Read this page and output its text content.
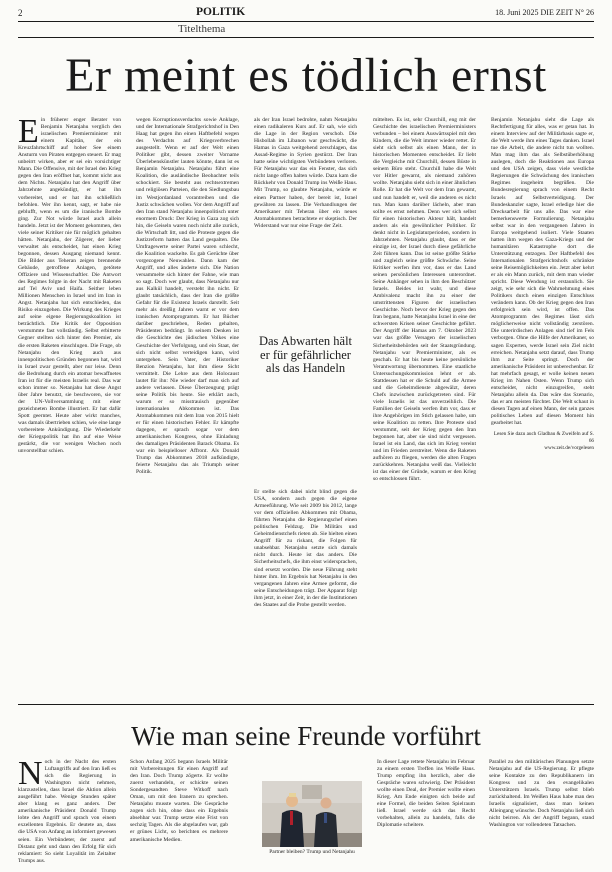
2	POLITIK	18. Juni 2025 DIE ZEIT N° 26
Titelthema
Er meint es tödlich ernst
Ein früherer enger Berater von Benjamin Netanjahu verglich den israelischen Premierminister mit einem Kapitän, der ein Kreuzfahrtschiff auf hoher See einem Ansturm von Piraten entgegen steuert. Er mag unbeirrt wirken, aber er sei ein vorsichtiger Mann. Die Offensive, mit der Israel den Krieg gegen den Iran eröffnet hat, kommt nicht aus dem Nichts. Netanjahu hat den Angriff über Jahrzehnte angekündigt, er hat ihn vorbereitet, und er hat ihn schließlich befohlen. Wer ihn kennt, sagt, er habe nie geblufft, wenn es um die iranische Bombe ging. Zur Not würde Israel auch allein handeln. Jetzt ist der Moment gekommen, den viele seiner Kritiker nie für möglich gehalten hätten. Netanjahu, der Zögerer, der lieber verwaltet als entscheidet, hat einen Krieg begonnen, dessen Ausgang niemand kennt. Die Bilder aus Teheran zeigen brennende Gebäude, getroffene Anlagen, getötete Offiziere und Wissenschaftler. Die Antwort des Regimes folgte in der Nacht mit Raketen auf Tel Aviv und Haifa. Seither leben Millionen Menschen in Israel und im Iran in Angst. Netanjahu hat sich entschieden, das Risiko einzugehen. Die Wirkung des Krieges auf seine eigene Regierungskoalition ist beträchtlich. Die Kritik der Opposition verstummte fast vollständig. Selbst erbitterte Gegner stellten sich hinter den Premier, als die ersten Raketen einschlugen. Die Frage, ob Netanjahu den Krieg auch aus innenpolitischen Gründen begonnen hat, wird in Israel zwar gestellt, aber nur leise. Denn die Bedrohung durch ein atomar bewaffnetes Iran ist für die meisten Israelis real. Das war schon immer so. Netanjahu hat diese Angst über Jahre benutzt, sie beschworen, sie vor der UN-Vollversammlung mit einer gezeichneten Bombe illustriert. Er hat dafür Spott geerntet. Heute aber wirkt manches, was damals übertrieben schien, wie eine lange vorbereitete Ankündigung. Die Wiederkehr der Kriegspolitik hat ihn auf eine Weise gestärkt, die vor wenigen Wochen noch unvorstellbar schien.
wegen Korruptionsverdachts sowie Anklage, und der Internationale Strafgerichtshof in Den Haag hat gegen ihn einen Haftbefehl wegen des Verdachts auf Kriegsverbrechen ausgestellt. Wenn er auf der Welt einen Politiker gibt, dessen zweiter Vorname Überlebenskünstler lauten könnte, dann ist es Benjamin Netanjahu. Netanjahu führt eine Koalition, die ausländische Beobachter teils schockiert. Sie besteht aus rechtsextremen und religiösen Parteien, die den Siedlungsbau im Westjordanland vorantreiben und die Justiz schwächen wollen. Vor dem Angriff auf den Iran stand Netanjahu innenpolitisch unter enormem Druck: Der Krieg in Gaza zog sich hin, die Geiseln waren noch nicht alle zurück, die Wirtschaft litt, und die Proteste gegen die Justizreform hatten das Land gespalten. Die Umfragewerte seiner Partei waren schlecht, die Koalition wackelte. Es gab Gerüchte über vorgezogene Neuwahlen. Dann kam der Angriff, und alles änderte sich. Die Nation versammelte sich hinter der Fahne, wie man so sagt. Doch wer glaubt, dass Netanjahu nur aus Kalkül handelt, versteht ihn nicht. Er glaubt tatsächlich, dass der Iran die größte Gefahr für die Existenz Israels darstellt. Seit mehr als dreißig Jahren warnt er vor dem iranischen Atomprogramm. Er hat Bücher darüber geschrieben, Reden gehalten, Präsidenten bedrängt. In seinem Denken ist die Geschichte des jüdischen Volkes eine Geschichte der Verfolgung, und ein Staat, der sich nicht selbst verteidigen kann, wird untergehen. Sein Vater, der Historiker Benzion Netanjahu, hat ihm diese Sicht vermittelt. Die Lehre aus dem Holocaust lautet für ihn: Nie wieder darf man sich auf andere verlassen. Diese Überzeugung prägt seine Politik bis heute. Sie erklärt auch, warum er so misstrauisch gegenüber internationalen Abkommen ist. Das Atomabkommen mit dem Iran von 2015 hielt er für einen historischen Fehler. Er kämpfte dagegen, er sprach sogar vor dem amerikanischen Kongress, ohne Einladung des damaligen Präsidenten Barack Obama. Es war ein beispielloser Affront. Als Donald Trump das Abkommen 2018 aufkündigte, feierte Netanjahu das als Triumph seiner Politik.
als der Iran Israel bedrohte, nahm Netanjahu einen radikaleren Kurs auf. Er sah, wie sich die Lage in der Region verschob. Die Hisbollah im Libanon war geschwächt, die Hamas in Gaza weitgehend zerschlagen, das Assad-Regime in Syrien gestürzt. Der Iran hatte seine wichtigsten Verbündeten verloren. Für Netanjahu war das ein Fenster, das sich nicht lange offen halten würde. Dazu kam die Rückkehr von Donald Trump ins Weiße Haus. Mit Trump, so glaubte Netanjahu, würde er einen Partner haben, der bereit ist, Israel gewähren zu lassen. Die Verhandlungen der Amerikaner mit Teheran über ein neues Atomabkommen betrachtete er skeptisch. Der Widerstand war nur eine Frage der Zeit.
Er stellte sich dabei nicht blind gegen die USA, sondern auch gegen die eigene Armeeführung. Wie seit 2009 bis 2012, lange vor dem offiziellen Abkommen mit Obama, führten Netanjahu die Regierungschef einen politischen Feldzug. Die Militärs und Geheimdienstchefs rieten ab. Sie hielten einen Angriff für zu riskant, die Folgen für unabsehbar. Netanjahu setzte sich damals nicht durch. Heute ist das anders. Die Sicherheitschefs, die ihm einst widersprachen, sind ersetzt worden. Die neue Führung steht hinter ihm. Im Ergebnis hat Netanjahu in den vergangenen Jahren eine Armee geformt, die seine Entscheidungen trägt. Der Apparat folgt ihm jetzt, in einer Zeit, in der die Institutionen des Staates auf die Probe gestellt werden.
Das Abwarten hält er für gefährlicher als das Handeln
mittelten. Es ist, sehr Churchill, eng mit der Geschichte des israelischen Premierministers verbunden – bei einem Auswärtsspiel mit den Kindern, die die Welt immer wieder rettet. Er sieht sich selbst als einen Mann, der in historischen Momenten entscheidet. Er liebt die Vergleiche mit Churchill, dessen Büste in seinem Büro steht. Churchill habe die Welt vor Hitler gewarnt, als niemand zuhören wollte. Netanjahu sieht sich in einer ähnlichen Rolle. Er hat die Welt vor dem Iran gewarnt, und nun handelt er, weil die anderen es nicht tun. Man kann darüber lächeln, aber man sollte es ernst nehmen. Denn wer sich selbst für einen historischen Akteur hält, handelt anders als ein gewöhnlicher Politiker. Er denkt nicht in Legislaturperioden, sondern in Jahrzehnten. Netanjahu glaubt, dass er der einzige ist, der Israel durch diese gefährliche Zeit führen kann. Das ist seine größte Stärke und zugleich seine größte Schwäche. Seine Kritiker werfen ihm vor, dass er das Land seinen persönlichen Interessen unterordnet. Seine Anhänger sehen in ihm den Beschützer Israels. Beides ist wahr, und diese Ambivalenz macht ihn zu einer der umstrittensten Figuren der israelischen Geschichte. Noch bevor der Krieg gegen den Iran begann, hatte Netanjahu Israel in eine der schwersten Krisen seiner Geschichte geführt. Der Angriff der Hamas am 7. Oktober 2023 war das größte Versagen der israelischen Sicherheitsbehörden seit der Staatsgründung. Netanjahu war Premierminister, als es geschah. Er hat bis heute keine persönliche Verantwortung übernommen. Eine staatliche Untersuchungskommission lehnt er ab. Stattdessen hat er die Schuld auf die Armee und die Geheimdienste abgewälzt, deren Chefs inzwischen zurückgetreten sind. Für viele Israelis ist das unverzeihlich. Die Familien der Geiseln werfen ihm vor, dass er ihre Angehörigen im Stich gelassen habe, um seine Koalition zu retten. Ihre Proteste sind verstummt, seit der Krieg gegen den Iran begonnen hat, aber sie sind nicht vergessen. Israel ist ein Land, das sich im Krieg vereint und im Frieden zerstreitet. Wenn die Raketen aufhören zu fliegen, werden die alten Fragen zurückkehren. Netanjahu weiß das. Vielleicht ist das einer der Gründe, warum er den Krieg so entschlossen führt.
Benjamin Netanjahu sieht die Lage als Rechtfertigung für alles, was er getan hat. In einem Interview auf der Militärbasis sagte er, die Welt werde ihm eines Tages danken. Israel tue die Arbeit, die andere nicht tun wollten. Man mag ihm das als Selbstüberhöhung auslegen, doch die Reaktionen aus Europa und den USA zeigen, dass viele westliche Regierungen die Schwächung des iranischen Regimes insgeheim begrüßen. Die Bundesregierung sprach von einem Recht Israels auf Selbstverteidigung. Der Bundeskanzler sagte, Israel erledige hier die Drecksarbeit für uns alle. Das war eine bemerkenswerte Formulierung. Netanjahu selbst war in den vergangenen Jahren in Europa weitgehend isoliert. Viele Staaten hatten ihm wegen des Gaza-Kriegs und der humanitären Katastrophe dort die Unterstützung entzogen. Der Haftbefehl des Internationalen Strafgerichtshofs schränkte seine Reisemöglichkeiten ein. Jetzt aber kehrt er als ein Mann zurück, mit dem man wieder spricht. Diese Wendung ist erstaunlich. Sie zeigt, wie sehr sich die Wahrnehmung eines Politikers durch einen einzigen Entschluss verändern kann. Ob der Krieg gegen den Iran erfolgreich sein wird, ist offen. Das Atomprogramm des Regimes lässt sich möglicherweise nicht vollständig zerstören. Die unterirdischen Anlagen sind tief im Fels verborgen. Ohne die Hilfe der Amerikaner, so sagen Experten, werde Israel sein Ziel nicht erreichen. Netanjahu setzt darauf, dass Trump ihm zur Seite springt. Doch der amerikanische Präsident ist unberechenbar. Er hat mehrfach gesagt, er wolle keinen neuen Krieg im Nahen Osten. Wenn Trump sich entscheidet, nicht einzugreifen, steht Netanjahu allein da. Das wäre das Szenario, das er am meisten fürchtet. Die Welt schaut in diesen Tagen auf einen Mann, der sein ganzes politisches Leben auf diesen Moment hin gearbeitet hat.
Lesen Sie dazu auch Gladbau & Zweifeln auf S. 66
www.zeit.de/vorgelesen
Wie man seine Freunde vorführt
Noch in der Nacht des ersten Luftangriffs auf den Iran ließ es sich die Regierung in Washington nicht nehmen, klarzustellen, dass Israel die Aktion allein ausgeführt habe. Wenige Stunden später aber klang es ganz anders. Der amerikanische Präsident Donald Trump lobte den Angriff und sprach von einem exzellenten Ergebnis. Er deutete an, dass die USA von Anfang an informiert gewesen seien. Ein Verbündeter, der zuerst auf Distanz geht und dann den Erfolg für sich reklamiert: So sieht Loyalität im Zeitalter Trumps aus.
Schon Anfang 2025 begann Israels Militär mit Vorbereitungen für einen Angriff auf den Iran. Doch Trump zögerte. Er wollte zuerst verhandeln, er schickte seinen Sondergesandten Steve Witkoff nach Oman, um mit den Iranern zu sprechen. Netanjahu musste warten. Die Gespräche zogen sich hin, ohne dass ein Ergebnis absehbar war. Trump setzte eine Frist von sechzig Tagen. Als die abgelaufen war, gab er grünes Licht, so berichten es mehrere amerikanische Medien.
Partner bleiben? Trump und Netanjahu
In dieser Lage rettete Netanjahu im Februar zu einem ersten Treffen ins Weiße Haus. Trump empfing ihn herzlich, aber die Gespräche waren schwierig. Der Präsident wollte einen Deal, der Premier wollte einen Krieg. Am Ende einigten sich beide auf eine Formel, die beiden Seiten Spielraum ließ. Israel werde sich das Recht vorbehalten, allein zu handeln, falls die Diplomatie scheitere.
Parallel zu den militärischen Planungen setzte Netanjahu auf die US-Regierung. Er pflegte seine Kontakte zu den Republikanern im Kongress und zu den evangelikalen Unterstützern Israels. Trump selbst blieb zurückhaltend. Im Weißen Haus habe man den Israelis signalisiert, dass man keinen Alleingang wünsche. Doch Netanjahu ließ sich nicht beirren. Als der Angriff begann, stand Washington vor vollendeten Tatsachen.
